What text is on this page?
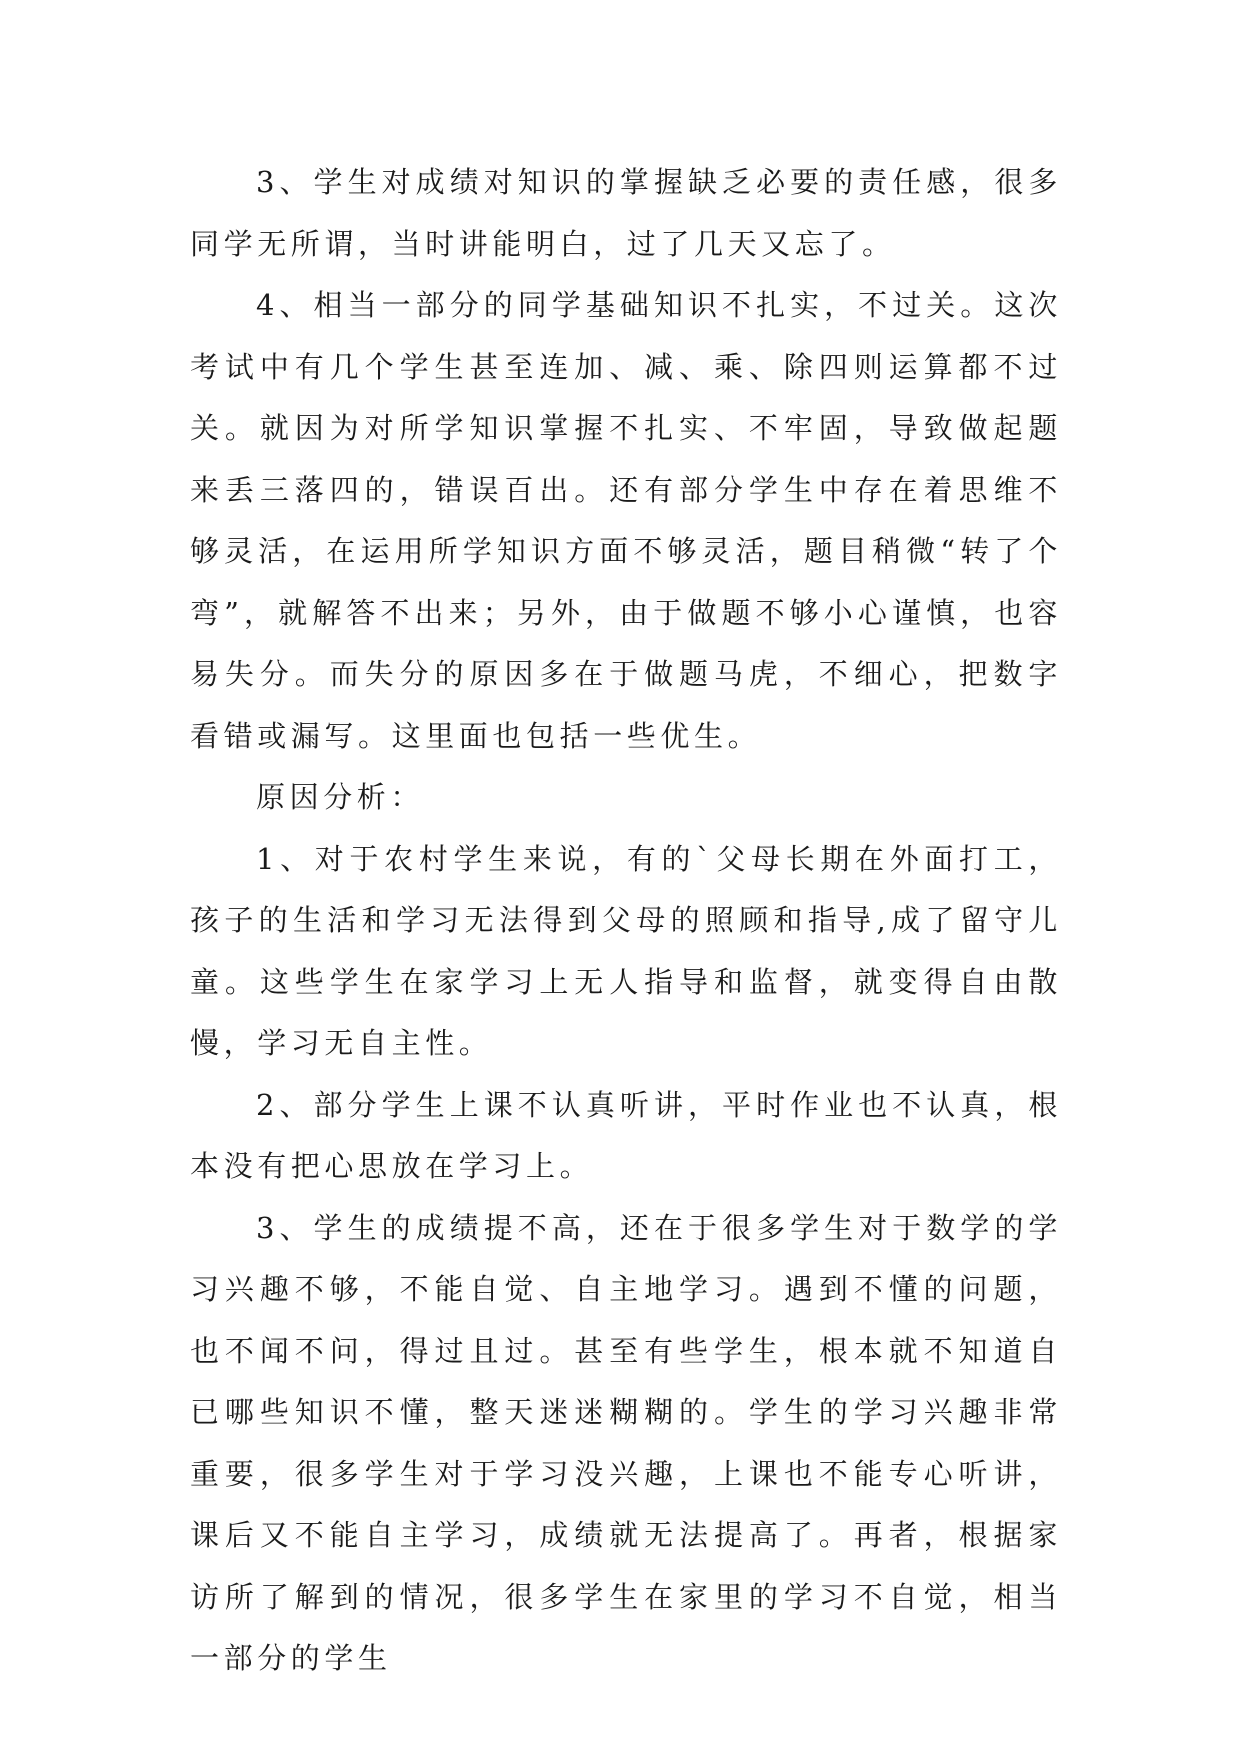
3、学生对成绩对知识的掌握缺乏必要的责任感，很多同学无所谓，当时讲能明白，过了几天又忘了。

4、相当一部分的同学基础知识不扎实，不过关。这次考试中有几个学生甚至连加、减、乘、除四则运算都不过关。就因为对所学知识掌握不扎实、不牢固，导致做起题来丢三落四的，错误百出。还有部分学生中存在着思维不够灵活，在运用所学知识方面不够灵活，题目稍微“转了个弯”，就解答不出来；另外，由于做题不够小心谨慎，也容易失分。而失分的原因多在于做题马虎，不细心，把数字看错或漏写。这里面也包括一些优生。

原因分析：

1、对于农村学生来说，有的`父母长期在外面打工，孩子的生活和学习无法得到父母的照顾和指导,成了留守儿童。这些学生在家学习上无人指导和监督，就变得自由散慢，学习无自主性。

2、部分学生上课不认真听讲，平时作业也不认真，根本没有把心思放在学习上。

3、学生的成绩提不高，还在于很多学生对于数学的学习兴趣不够，不能自觉、自主地学习。遇到不懂的问题，也不闻不问，得过且过。甚至有些学生，根本就不知道自已哪些知识不懂，整天迷迷糊糊的。学生的学习兴趣非常重要，很多学生对于学习没兴趣，上课也不能专心听讲，课后又不能自主学习，成绩就无法提高了。再者，根据家访所了解到的情况，很多学生在家里的学习不自觉，相当一部分的学生
